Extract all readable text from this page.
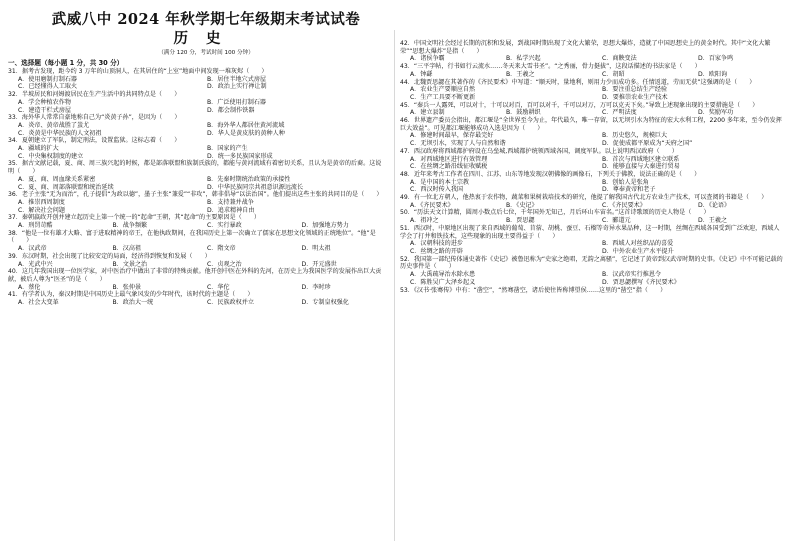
武威八中 2024 年秋学期七年级期末考试试卷
历史
（满分 120 分，考试时间 100 分钟）
一、选择题（每小题 1 分，共 30 分）
31．据考古发现，距今约 3 万年的山顶洞人，在其居住的“上室”地面中间发现一堆灰烬（　　）
A．使用磨制打制石器	B．居住半地穴式房屋
C．已经懂得人工取火	D．政治上实行禅让制
32．半坡居民和河姆渡居民在生产生活中的共同特点是（　　）
A．学会种植农作物	B．广泛使用打制石器
C．建造干栏式房屋	D．都会制作铁器
33．海外华人常常自豪地称自己为“炎黄子孙”，是因为（　　）
A．炎帝、黄帝战胜了蚩尤	B．海外华人都居住黄河流域
C．炎黄是中华民族的人文初祖	D．华人是黄皮肤的黄种人种
34．夏朝建立了军队，制定刑法，设置监狱。这标志着（　　）
A．疆域的扩大	B．国家的产生
C．中央集权制度的建立	D．统一多民族国家形成
35．据古文献记载，夏、商、周三族兴起的时候，都是部落联盟和族制氏族的，都能与黄河流域有着密切关系，且认为是黄帝的后裔。这说明（　　）
A．夏、商、周血缘关系紧密	B．先秦时期统治政策的承接性
C．夏、商、周部落联盟和统治延续	D．中华民族同宗共祖意识源远流长
36．老子主张“无为而治”，孔子提倡“为政以德”，墨子主张“兼爱”“非攻”，韩非倡导“以法治国”。他们提出这些主张的共同目的是（　　）
A．推崇西周制度	B．支持兼并战争
C．解决社会问题	D．追求精神自由
37．秦朝嬴政开创并建立起历史上第一个统一的“起命”王朝，其“起命”的主要原因是（　　）
A．刑罚苛酷	B．战争频繁	C．实行暴政	D．加强地方势力
38．“他是一位有雄才大略、富于进取精神的帝王，在他执政期间，在我国历史上第一次确立了儒家在思想文化领域的正统地位”。“他”是（　　）
A．汉武帝	B．汉高祖	C．隋文帝	D．明太祖
39．东汉时期，社会出现了比较安定的局面，经济得到恢复和发展（　　）
A．光武中兴	B．文景之治	C．贞观之治	D．开元盛世
40．这几年我国出现一位医学家，对中医治疗中做出了非常的特殊贡献。他开创中医在外科的先河，在历史上为我国医学的发展作出巨大贡献，被后人尊为“医圣”的是（　　）
A．蔡伦	B．张仲景	C．华佗	D．李时珍
41．有学者认为，秦汉时期是中国历史上最气象风发的少年时代，该时代的主题是（　　）
A．社会大变革	B．政治大一统	C．民族政权并立	D．专制皇权强化
42．中国文明社会经过长期的沉积和发展，到战国时期出现了文化大繁荣，思想大爆炸，造就了中国思想史上的黄金时代。其中“文化大繁荣”“思想大爆炸”是指（　　）
A．诸侯争霸	B．私学兴起	C．商鞅变法	D．百家争鸣
43．“三平字帖，行书如行云流水……冬天来大雪书圣”。“之秀丽，骨力挺拔”，这段话描述的书法家是（　　）
A．钟繇	B．王羲之	C．胡昭	D．欧阳询
44．北魏贾思勰在其著作的《齐民要术》中写道：“顺天时，量地利，则用力少而成功多。任情返道，劳而无获”这强调的是（　　）
A．农业生产要顺应自然	B．要注重总结生产经验
C．生产工具要不断更新	D．要推崇农业生产技术
45．“秦兵一人露死，可以对十，十可以对百，百可以对千，千可以对万，万可以克天下矣。”导致上述现象出现的主要措施是（　　）
A．建立县制	B．鼓励耕织	C．严明法度	D．奖励军功
46．世界遗产委员会指出，都江堰是“全世界至今为止，年代最久，唯一存留，以无坝引水为特征的宏大水利工程，2200 多年来，至今仍发挥巨大效益”。可见都江堰能够成功入选是因为（　　）
A．修建时间最早，保存最完好	B．历史悠久，规模巨大
C．无坝引水，实现了人与自然和谐	D．促使成都平原成为“天府之国”
47．西汉政府将西域都护府设在乌垒城,西域都护统领西域各国，调度军队。以上说明西汉政府（　　）
A．对西域地区进行有效管理	B．首次与西域地区建立联系
C．在丝绸之路沿线征收赋税	D．能够直接与大秦进行贸易
48．近年来考古工作者在四川、江苏、山东等地发现汉朝佛像的画像石，下列关于佛教，说法正确的是（　　）
A．是中国的本土宗教	B．创始人是张角
C．西汉时传入我国	D．尊奉黄帝和老子
49．有一位北方朝人，他热衷于农作物，蔬菜和果树栽培技术的研究，他提了解我国古代北方农业生产技术，可以查阅的书籍是（　　）
A．《齐民要术》	B．《史记》	C．《齐民要术》	D．《论语》
50．“历法天文计算精，圆周小数点后七位，千年国外无知己，月后环山车宙名。”这首诗歌颂的历史人物是（　　）
A．祖冲之	B．贾思勰	C．郦道元	D．王羲之
51．西汉时，中原地区出现了来自西域的葡萄、苜蓿、胡桃、蚕豆、石榴等奇异水果品种，这一时期，丝绸在西域各国受到广泛欢迎，西域人学会了打井和铁技术，这些现象的出现主要得益于（　　）
A．汉朝科技的进步	B．西域人对丝织品的喜爱
C．丝绸之路的开辟	D．中外农业生产水平提升
52．我国第一部纪传体通史著作《史记》被鲁迅称为“史家之绝唱，无韵之离骚”，它记述了黄帝到汉武帝时期的史事。《史记》中不可能记载的历史事件是（　　）
A．大禹疏导治水除水患	B．汉武帝实行推恩令
C．陈胜吴广大泽乡起义	D．贾思勰撰写《齐民要术》
53．《汉书·张骞传》中有：“凿空”，“然骞凿空，诸后使往皆称博望侯……这里的“凿空”指（　　）
